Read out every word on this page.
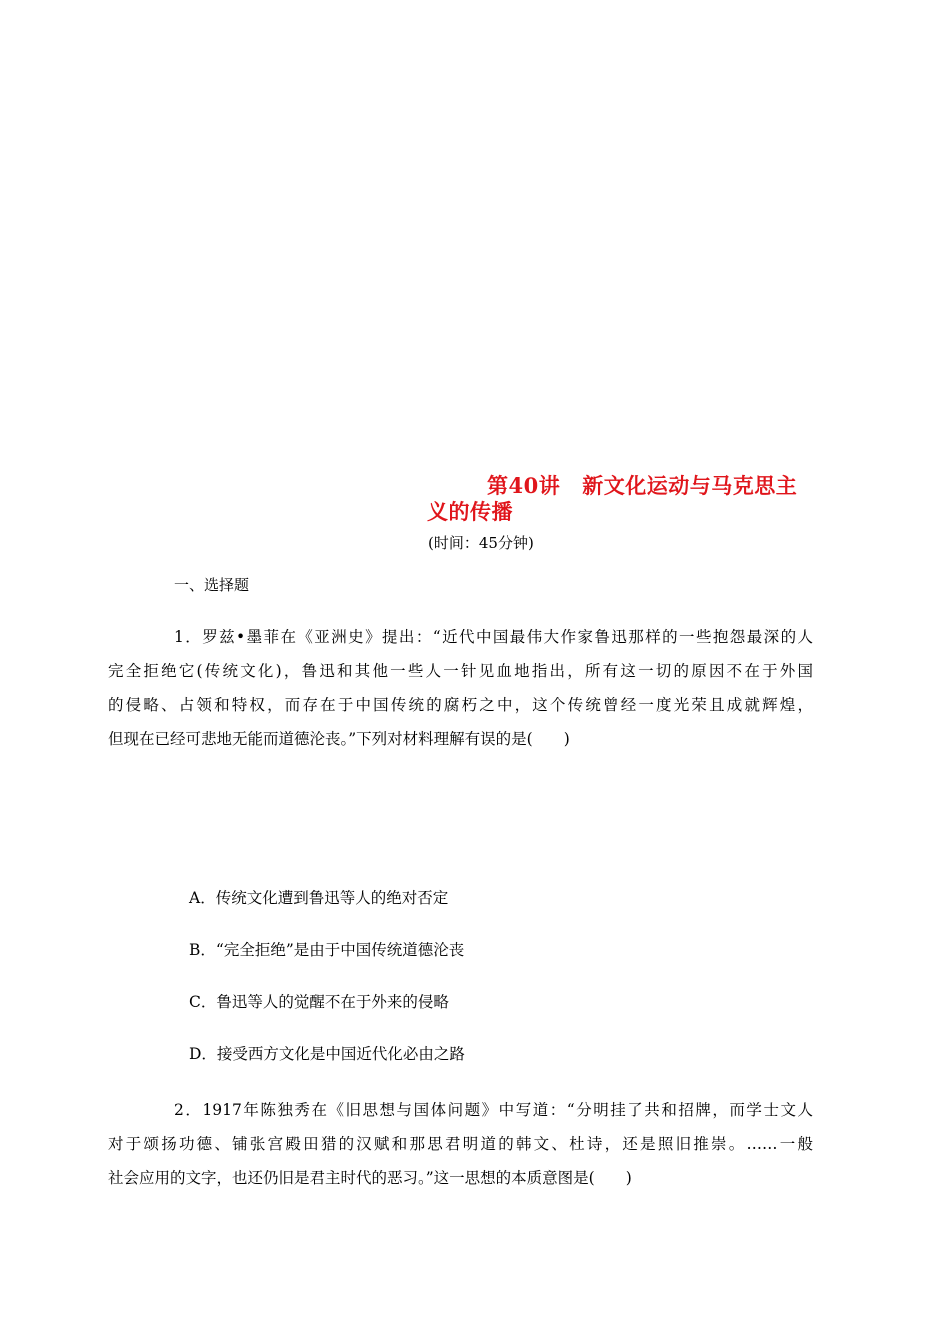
第40讲 新文化运动与马克思主
义的传播
(时间：45分钟)
一、选择题
1．罗兹•墨菲在《亚洲史》提出：“近代中国最伟大作家鲁迅那样的一些抱怨最深的人
完全拒绝它(传统文化)，鲁迅和其他一些人一针见血地指出，所有这一切的原因不在于外国
的侵略、占领和特权，而存在于中国传统的腐朽之中，这个传统曾经一度光荣且成就辉煌，
但现在已经可悲地无能而道德沦丧。”下列对材料理解有误的是(　　)
A．传统文化遭到鲁迅等人的绝对否定
B．“完全拒绝”是由于中国传统道德沦丧
C．鲁迅等人的觉醒不在于外来的侵略
D．接受西方文化是中国近代化必由之路
2．1917年陈独秀在《旧思想与国体问题》中写道：“分明挂了共和招牌，而学士文人
对于颂扬功德、铺张宫殿田猎的汉赋和那思君明道的韩文、杜诗，还是照旧推崇。……一般
社会应用的文字，也还仍旧是君主时代的恶习。”这一思想的本质意图是(　　)
